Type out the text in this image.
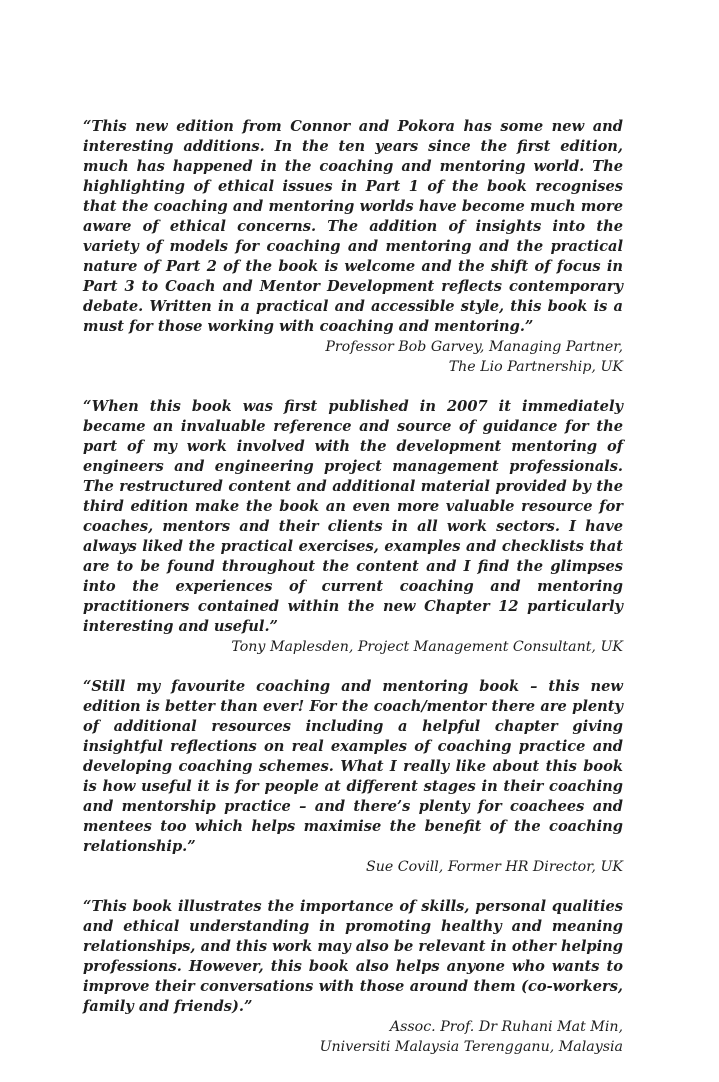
“This new edition from Connor and Pokora has some new and interesting additions. In the ten years since the first edition, much has happened in the coaching and mentoring world. The highlighting of ethical issues in Part 1 of the book recognises that the coaching and mentoring worlds have become much more aware of ethical concerns. The addition of insights into the variety of models for coaching and mentoring and the practical nature of Part 2 of the book is welcome and the shift of focus in Part 3 to Coach and Mentor Development reflects contemporary debate. Written in a practical and accessible style, this book is a must for those working with coaching and mentoring.”

Professor Bob Garvey, Managing Partner,
The Lio Partnership, UK

“When this book was first published in 2007 it immediately became an invaluable reference and source of guidance for the part of my work involved with the development mentoring of engineers and engineering project management professionals. The restructured content and additional material provided by the third edition make the book an even more valuable resource for coaches, mentors and their clients in all work sectors. I have always liked the practical exercises, examples and checklists that are to be found throughout the content and I find the glimpses into the experiences of current coaching and mentoring practitioners contained within the new Chapter 12 particularly interesting and useful.”

Tony Maplesden, Project Management Consultant, UK

“Still my favourite coaching and mentoring book – this new edition is better than ever! For the coach/mentor there are plenty of additional resources including a helpful chapter giving insightful reflections on real examples of coaching practice and developing coaching schemes. What I really like about this book is how useful it is for people at different stages in their coaching and mentorship practice – and there’s plenty for coachees and mentees too which helps maximise the benefit of the coaching relationship.”

Sue Covill, Former HR Director, UK

“This book illustrates the importance of skills, personal qualities and ethical understanding in promoting healthy and meaning relationships, and this work may also be relevant in other helping professions. However, this book also helps anyone who wants to improve their conversations with those around them (co-workers, family and friends).”

Assoc. Prof. Dr Ruhani Mat Min,
Universiti Malaysia Terengganu, Malaysia
